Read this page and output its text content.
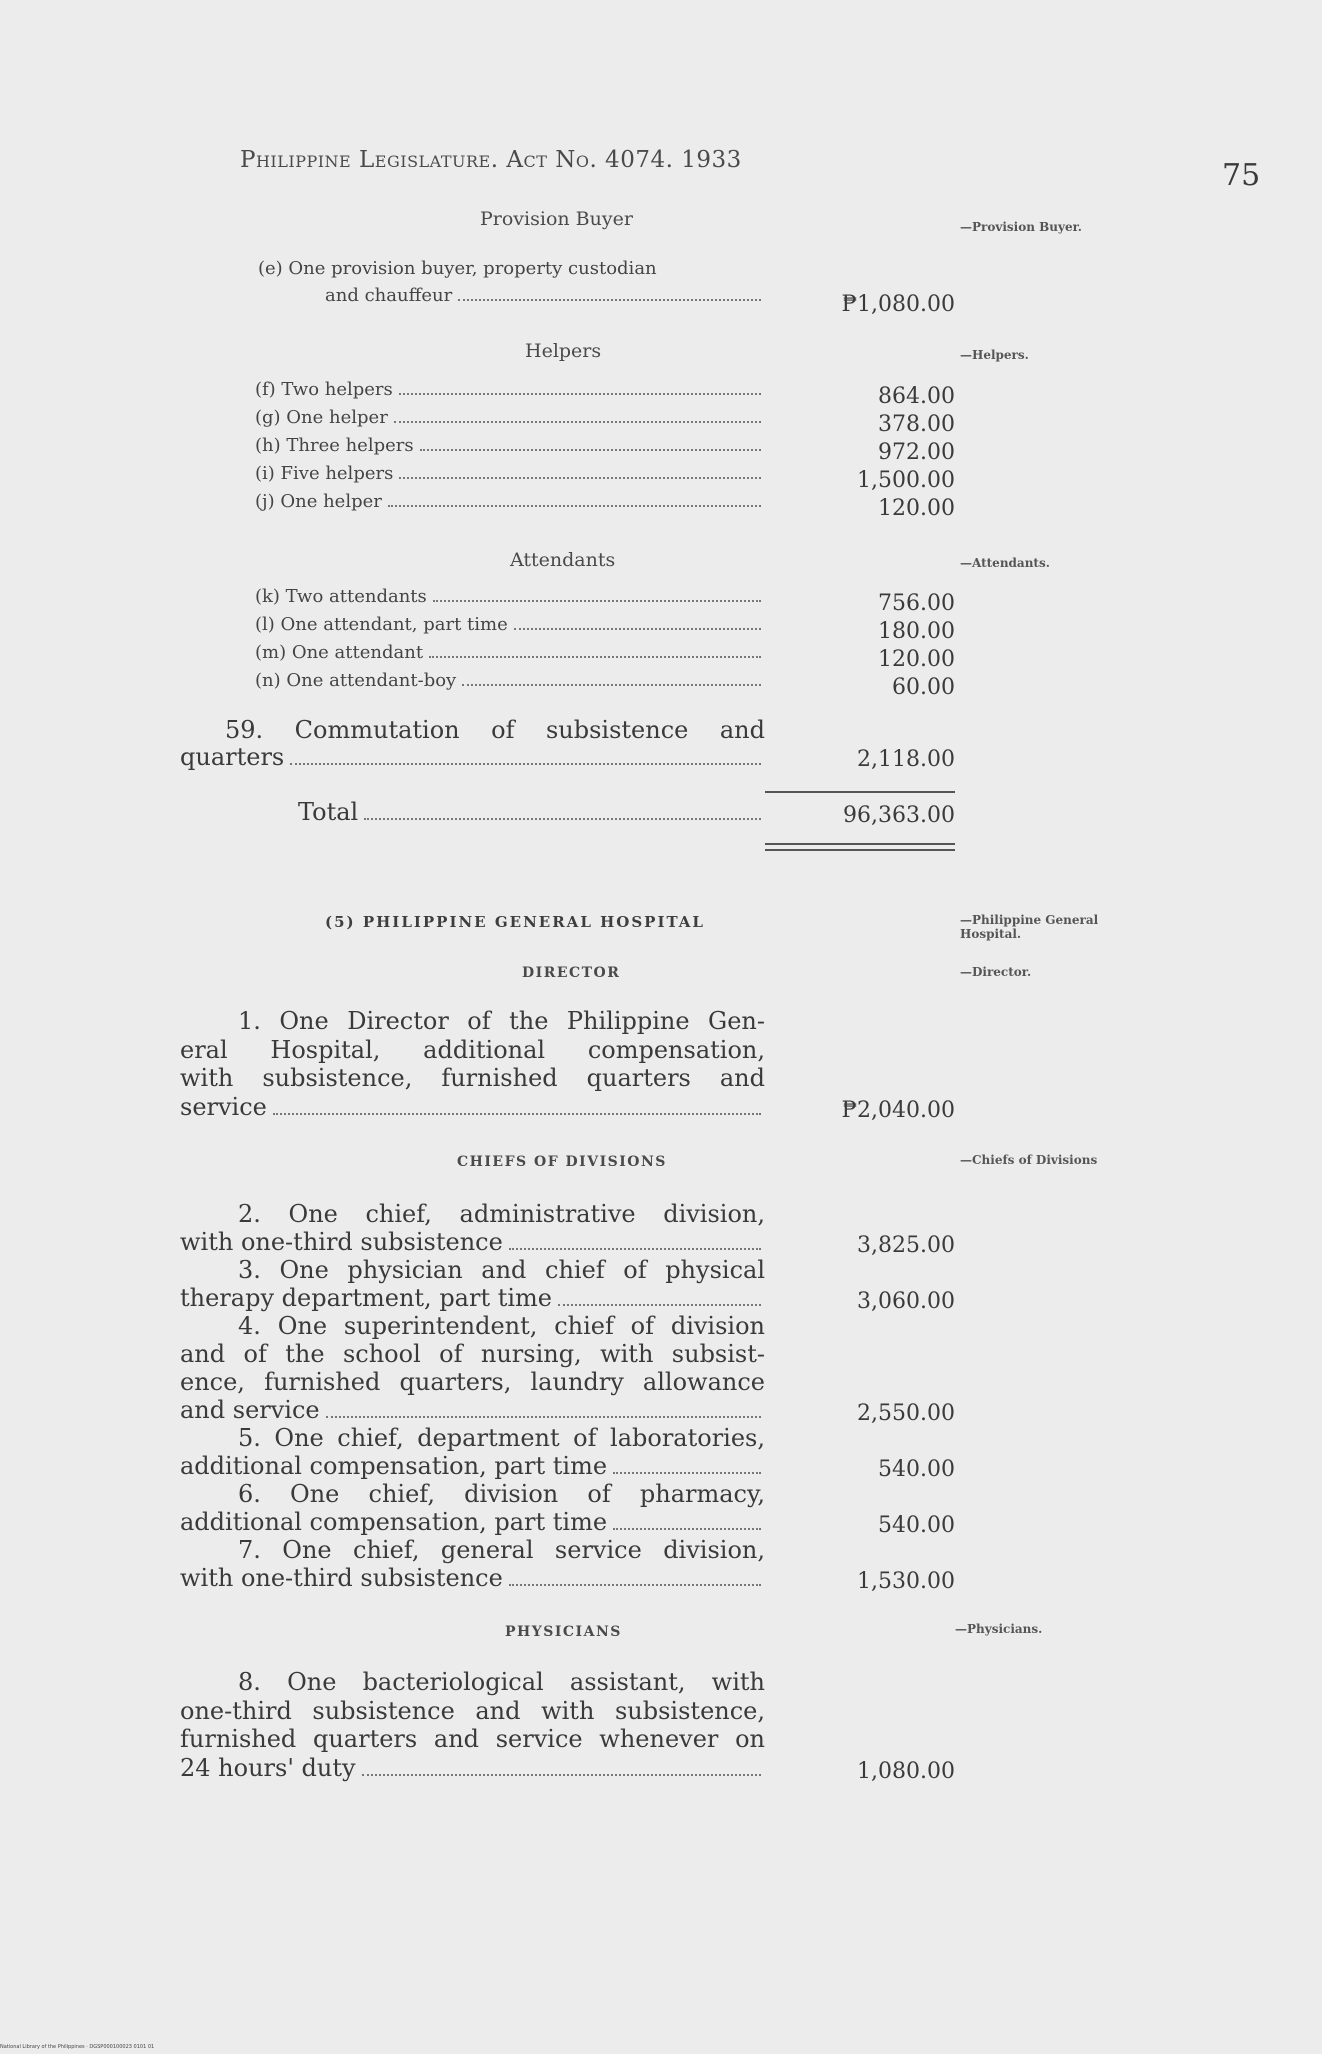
Philippine Legislature. Act No. 4074. 1933	75
Provision Buyer	—Provision Buyer.
(e) One provision buyer, property custodian
and chauffeur	₱1,080.00
Helpers	—Helpers.
(f) Two helpers	864.00
(g) One helper	378.00
(h) Three helpers	972.00
(i) Five helpers	1,500.00
(j) One helper	120.00
Attendants	—Attendants.
(k) Two attendants	756.00
(l) One attendant, part time	180.00
(m) One attendant	120.00
(n) One attendant-boy	60.00
59. Commutation of subsistence and
quarters	2,118.00
Total	96,363.00
(5) PHILIPPINE GENERAL HOSPITAL	—Philippine General
Hospital.
DIRECTOR	—Director.
1. One Director of the Philippine Gen-
eral Hospital, additional compensation,
with subsistence, furnished quarters and
service	₱2,040.00
CHIEFS OF DIVISIONS	—Chiefs of Divisions
2. One chief, administrative division,
with one-third subsistence	3,825.00
3. One physician and chief of physical
therapy department, part time	3,060.00
4. One superintendent, chief of division
and of the school of nursing, with subsist-
ence, furnished quarters, laundry allowance
and service	2,550.00
5. One chief, department of laboratories,
additional compensation, part time	540.00
6. One chief, division of pharmacy,
additional compensation, part time	540.00
7. One chief, general service division,
with one-third subsistence	1,530.00
PHYSICIANS	—Physicians.
8. One bacteriological assistant, with
one-third subsistence and with subsistence,
furnished quarters and service whenever on
24 hours' duty	1,080.00
National Library of the Philippines · DGSP000100023 0101 01
